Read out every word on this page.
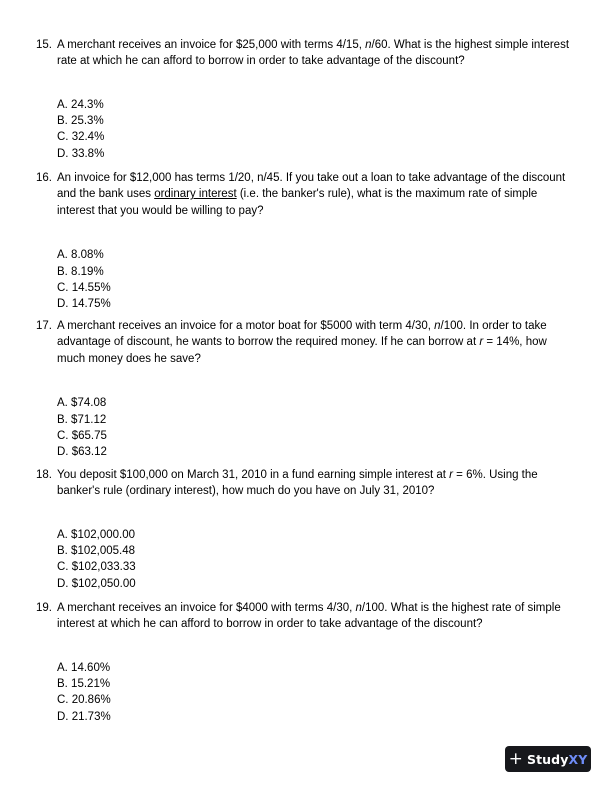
15. A merchant receives an invoice for $25,000 with terms 4/15, n/60. What is the highest simple interest rate at which he can afford to borrow in order to take advantage of the discount?
A. 24.3%
B. 25.3%
C. 32.4%
D. 33.8%
16. An invoice for $12,000 has terms 1/20, n/45. If you take out a loan to take advantage of the discount and the bank uses ordinary interest (i.e. the banker's rule), what is the maximum rate of simple interest that you would be willing to pay?
A. 8.08%
B. 8.19%
C. 14.55%
D. 14.75%
17. A merchant receives an invoice for a motor boat for $5000 with term 4/30, n/100. In order to take advantage of discount, he wants to borrow the required money. If he can borrow at r = 14%, how much money does he save?
A. $74.08
B. $71.12
C. $65.75
D. $63.12
18. You deposit $100,000 on March 31, 2010 in a fund earning simple interest at r = 6%. Using the banker's rule (ordinary interest), how much do you have on July 31, 2010?
A. $102,000.00
B. $102,005.48
C. $102,033.33
D. $102,050.00
19. A merchant receives an invoice for $4000 with terms 4/30, n/100. What is the highest rate of simple interest at which he can afford to borrow in order to take advantage of the discount?
A. 14.60%
B. 15.21%
C. 20.86%
D. 21.73%
+ Study XY
